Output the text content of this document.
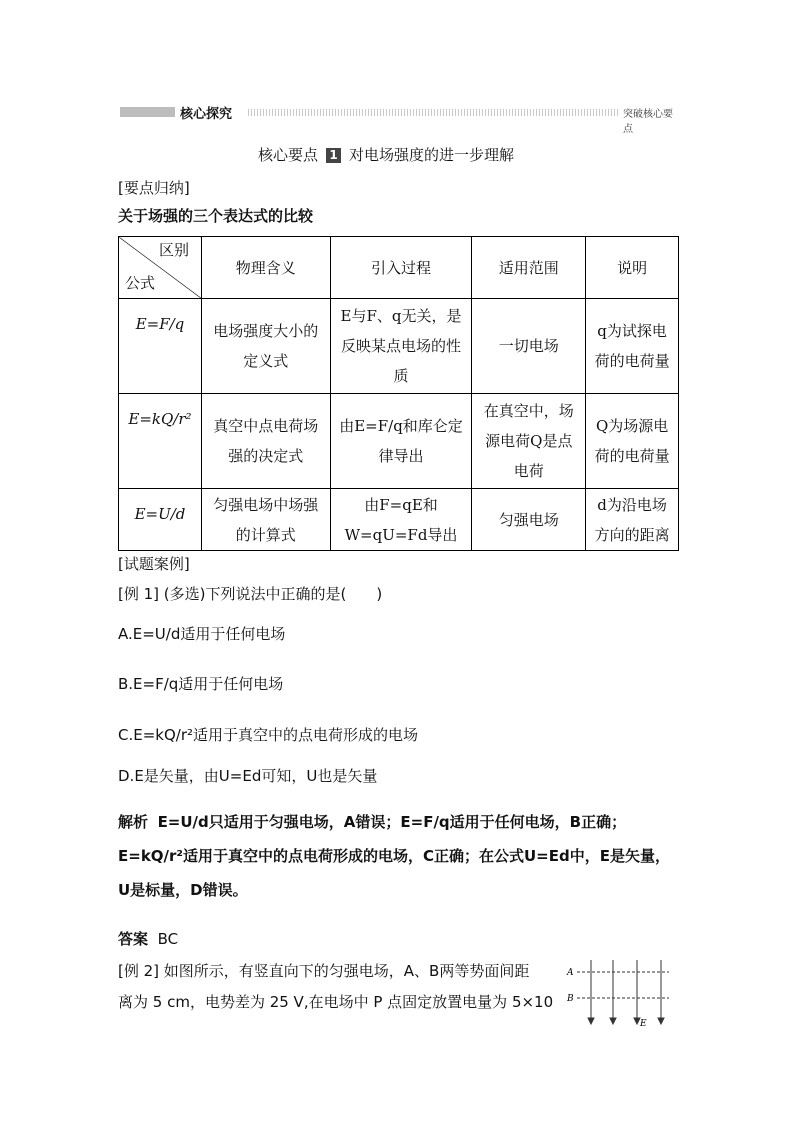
核心探究	突破核心要点
核心要点 1 对电场强度的进一步理解
[要点归纳]
关于场强的三个表达式的比较
区别
公式	物理含义	引入过程	适用范围	说明
E=F/q	电场强度大小的定义式	E与F、q无关，是反映某点电场的性质	一切电场	q为试探电荷的电荷量
E=kQ/r²	真空中点电荷场强的决定式	由E=F/q和库仑定律导出	在真空中，场源电荷Q是点电荷	Q为场源电荷的电荷量
E=U/d	匀强电场中场强的计算式	由F=qE和W=qU=Fd导出	匀强电场	d为沿电场方向的距离
[试题案例]
[例 1] (多选)下列说法中正确的是(　　)
A.E=U/d适用于任何电场
B.E=F/q适用于任何电场
C.E=kQ/r²适用于真空中的点电荷形成的电场
D.E是矢量，由U=Ed可知，U也是矢量
解析 E=U/d只适用于匀强电场，A错误；E=F/q适用于任何电场，B正确；E=kQ/r²适用于真空中的点电荷形成的电场，C正确；在公式U=Ed中，E是矢量，U是标量，D错误。
答案 BC
[例 2] 如图所示，有竖直向下的匀强电场，A、B两等势面间距
离为 5 cm，电势差为 25 V,在电场中 P 点固定放置电量为 5×10
A
B
E
